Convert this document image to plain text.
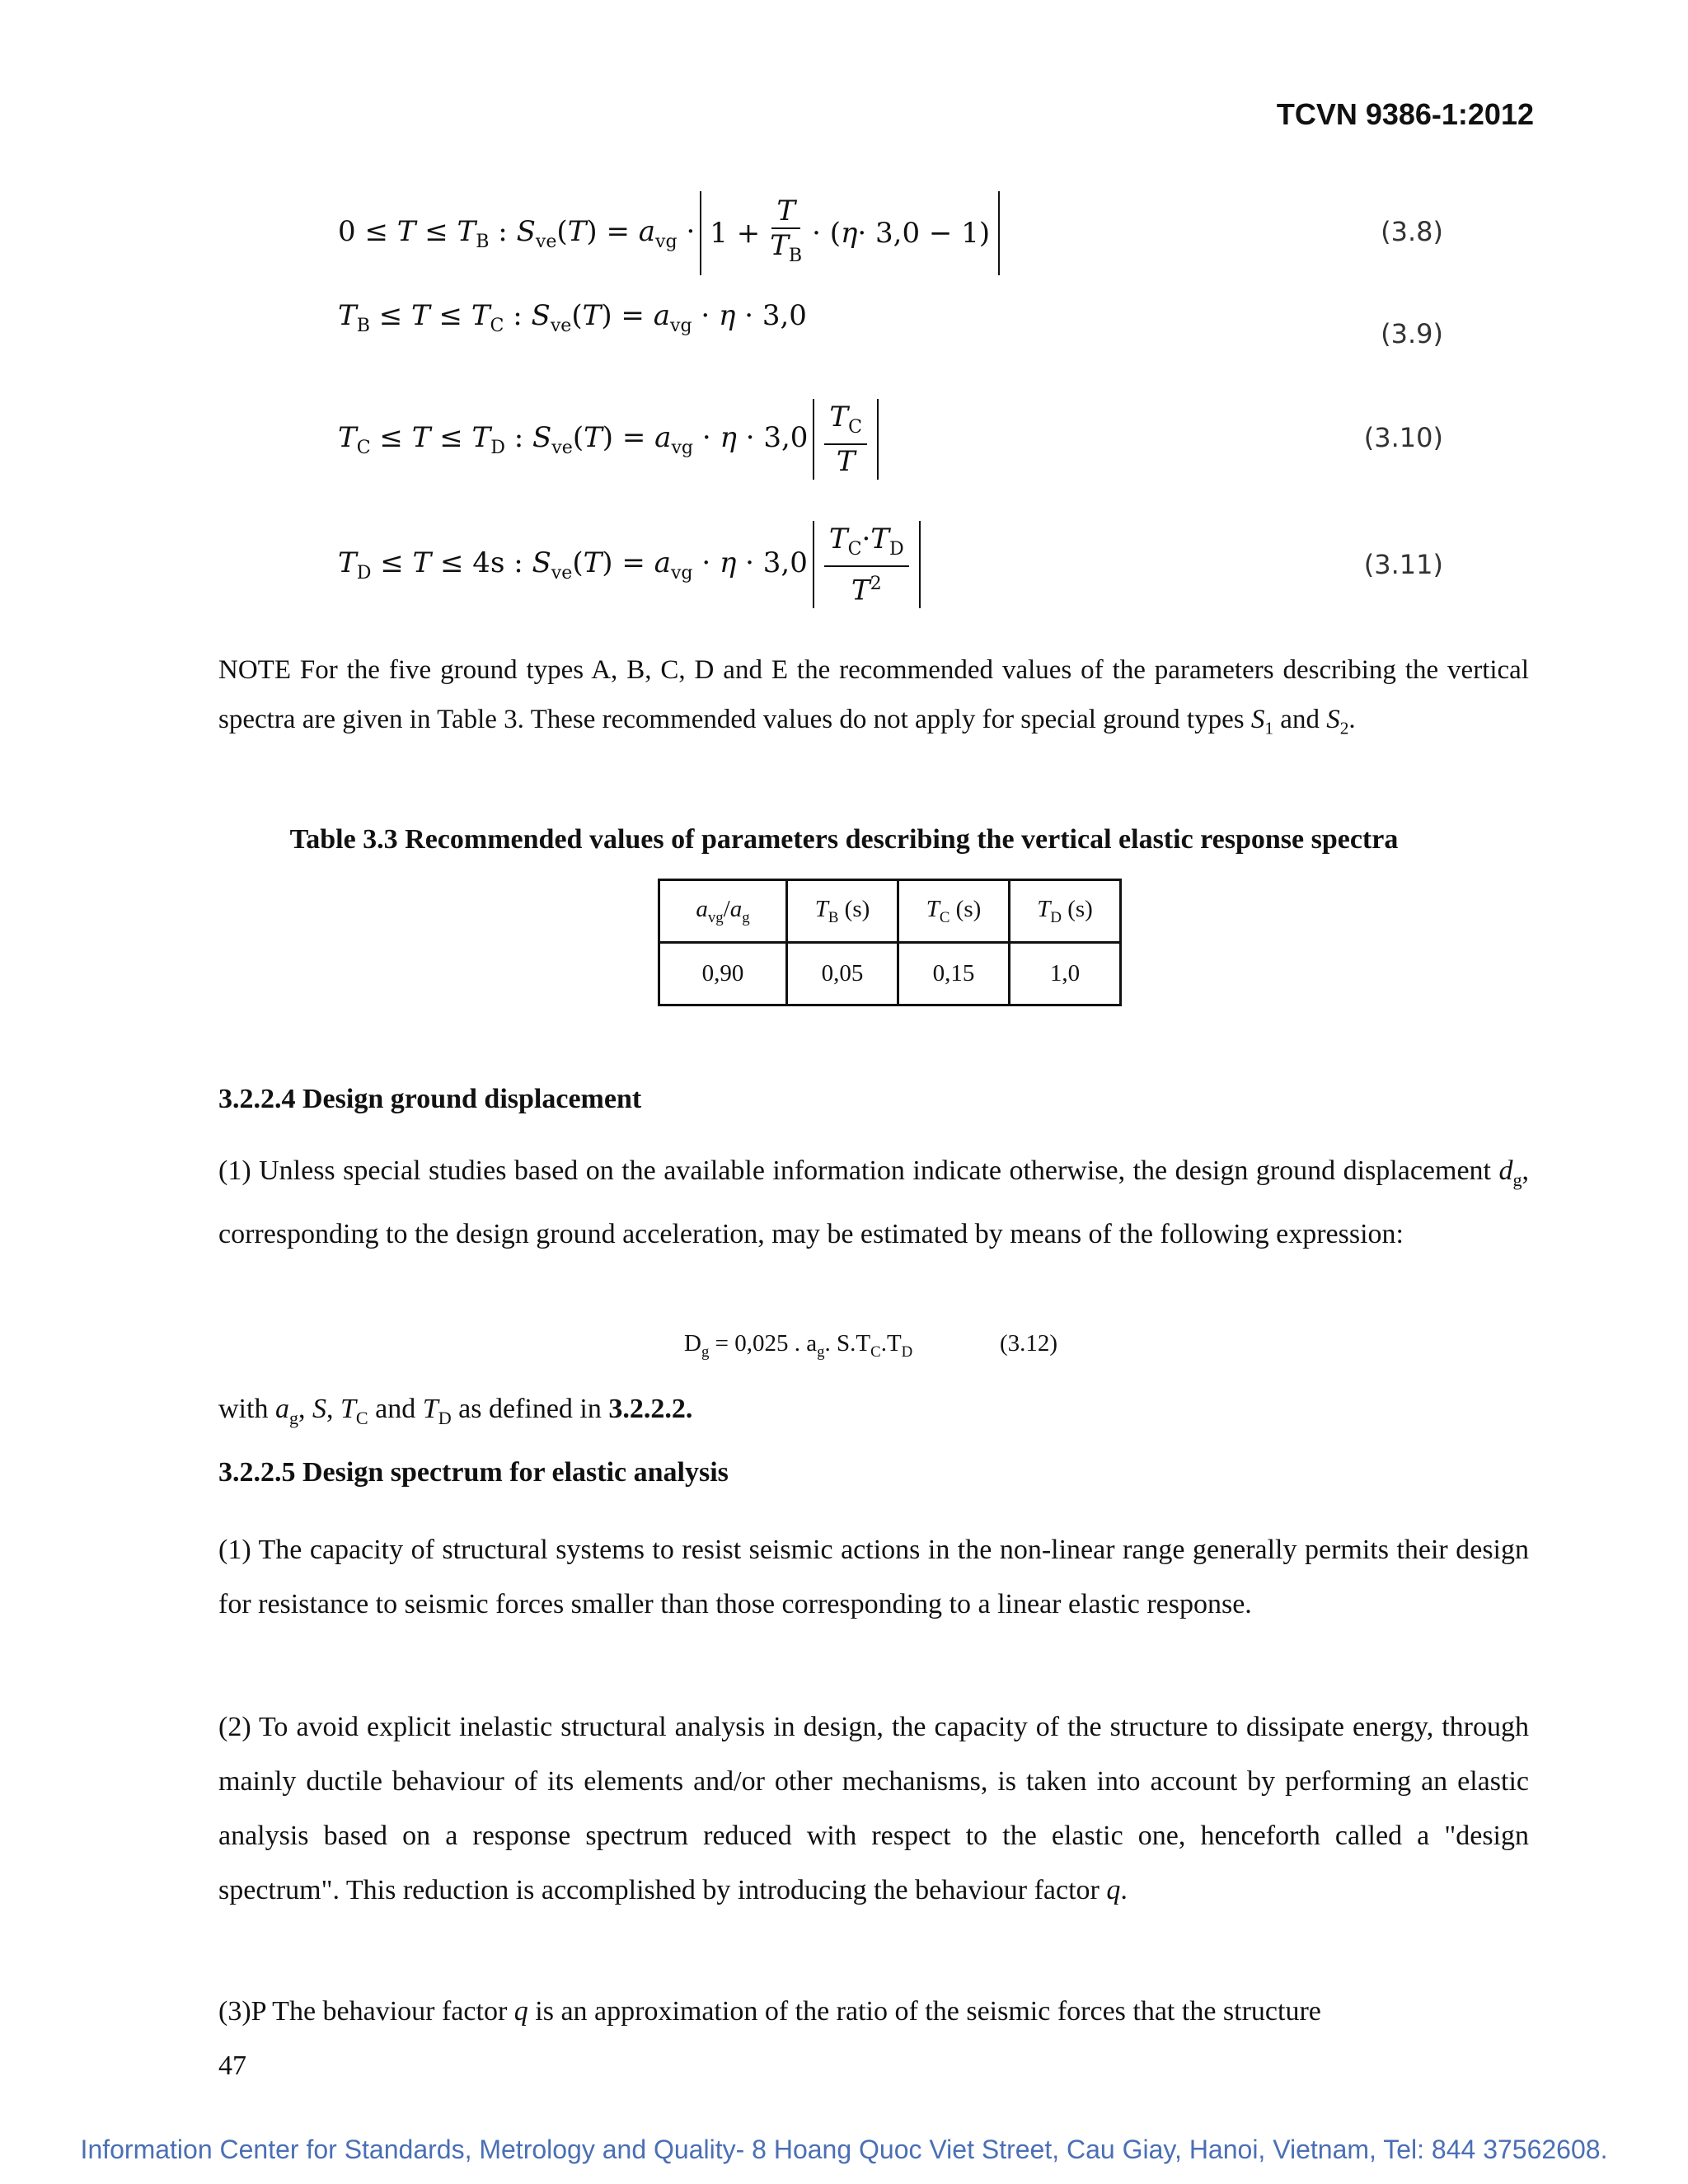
TCVN 9386-1:2012
$0 \le T \le T_B$ : $S_{ve}(T) = a_{vg} \cdot 1 + \frac{T}{T_B}$ · ( η · 3,0 − 1)	(3.8)
$T_B \le T \le T_C$ : $S_{ve}(T) = a_{vg} \cdot \eta \cdot 3,0$
(3.9)
$T_C \le T \le T_D$ : $S_{ve}(T) = a_{vg} \cdot \eta \cdot 3,0 \frac{T_C}{T}$	(3.10)
$T_D \le T \le 4s$ : $S_{ve}(T) = a_{vg} \cdot \eta \cdot 3,0 \frac{T_C\cdot T_D}{T^2}$	(3.11)
NOTE For the five ground types A, B, C, D and E the recommended values of the parameters describing the vertical spectra are given in Table 3. These recommended values do not apply for special ground types $S_1$ and $S_2$.
Table 3.3 Recommended values of parameters describing the vertical elastic response spectra
$a_{vg}/a_g$	$T_B$ (s)	$T_C$ (s)	$T_D$ (s)
0,90	0,05	0,15	1,0
3.2.2.4 Design ground displacement
(1) Unless special studies based on the available information indicate otherwise, the design ground displacement $d_g$, corresponding to the design ground acceleration, may be estimated by means of the following expression:
$D_g = 0,025$ . $a_g$. $S.T_C.T_D$	(3.12)
with $a_g$, S, $T_C$ and $T_D$ as defined in 3.2.2.2.
3.2.2.5 Design spectrum for elastic analysis
(1) The capacity of structural systems to resist seismic actions in the non-linear range generally permits their design for resistance to seismic forces smaller than those corresponding to a linear elastic response.
(2) To avoid explicit inelastic structural analysis in design, the capacity of the structure to dissipate energy, through mainly ductile behaviour of its elements and/or other mechanisms, is taken into account by performing an elastic analysis based on a response spectrum reduced with respect to the elastic one, henceforth called a "design spectrum". This reduction is accomplished by introducing the behaviour factor q.
(3)P The behaviour factor q is an approximation of the ratio of the seismic forces that the structure
47
Information Center for Standards, Metrology and Quality- 8 Hoang Quoc Viet Street, Cau Giay, Hanoi, Vietnam, Tel: 844 37562608.
